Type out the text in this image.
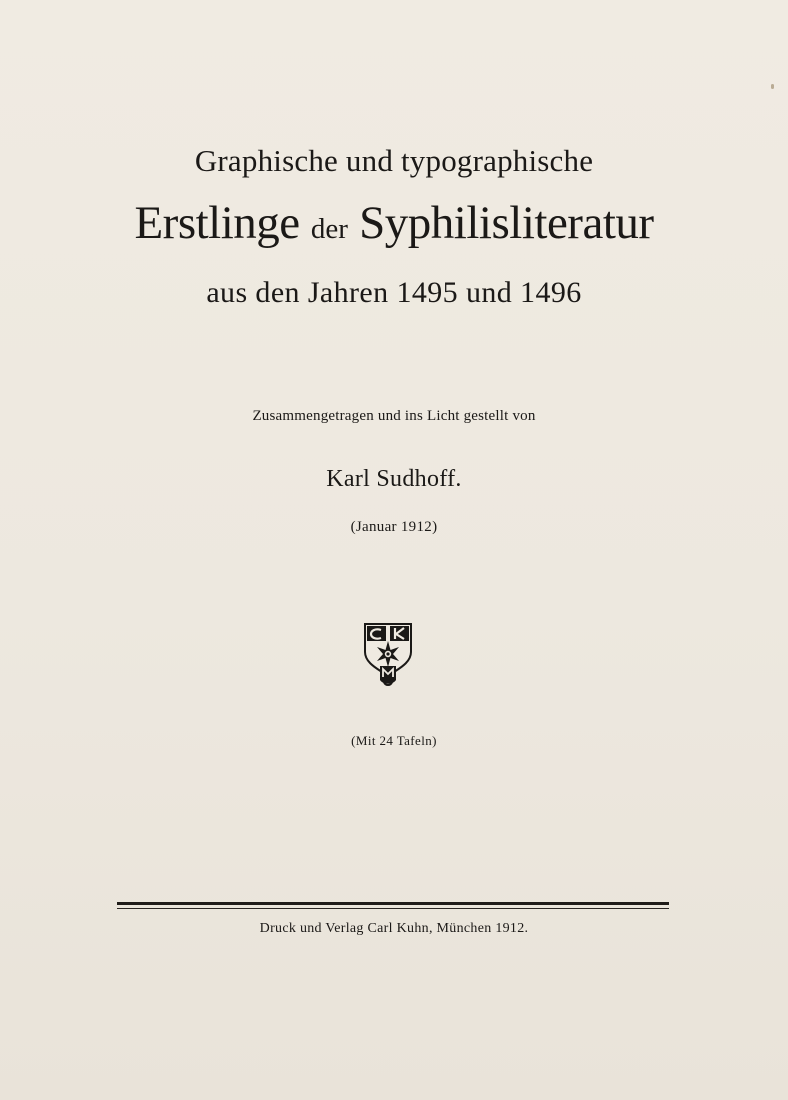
Graphische und typographische
Erstlinge der Syphilisliteratur
aus den Jahren 1495 und 1496
Zusammengetragen und ins Licht gestellt von
Karl Sudhoff.
(Januar 1912)
(Mit 24 Tafeln)
Druck und Verlag Carl Kuhn, München 1912.
